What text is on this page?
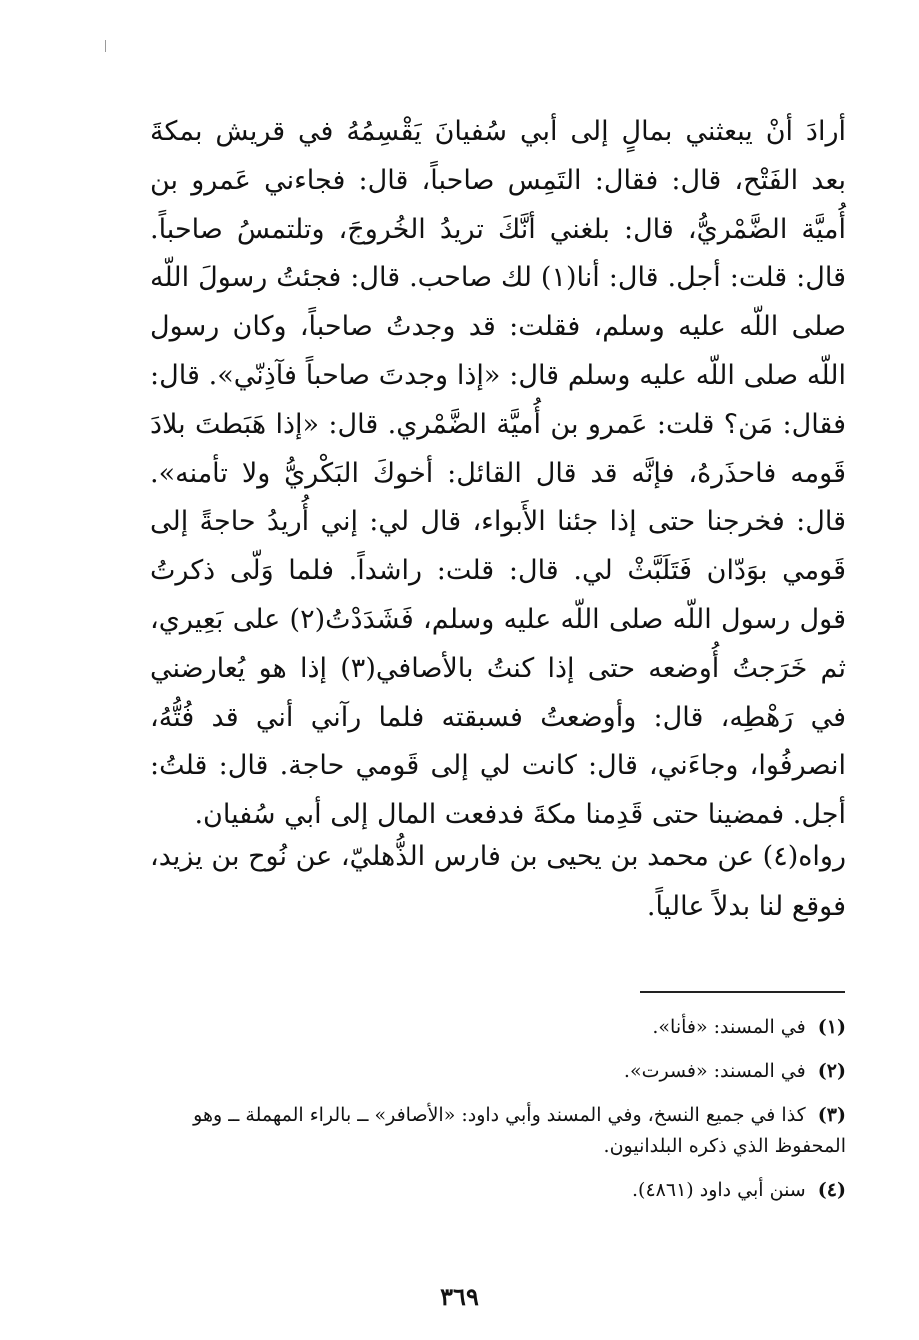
أرادَ أنْ يبعثني بمالٍ إلى أبي سُفيانَ يَقْسِمُهُ في قريش بمكةَ بعد الفَتْح، قال: فقال: التَمِس صاحباً، قال: فجاءني عَمرو بن أُميَّة الضَّمْريُّ، قال: بلغني أنَّكَ تريدُ الخُروجَ، وتلتمسُ صاحباً. قال: قلت: أجل. قال: أنا(١) لك صاحب. قال: فجئتُ رسولَ اللّه صلى اللّه عليه وسلم، فقلت: قد وجدتُ صاحباً، وكان رسول اللّه صلى اللّه عليه وسلم قال: «إذا وجدتَ صاحباً فآذِنّي». قال: فقال: مَن؟ قلت: عَمرو بن أُميَّة الضَّمْري. قال: «إذا هَبَطتَ بلادَ قَومه فاحذَرهُ، فإنَّه قد قال القائل: أخوكَ البَكْريُّ ولا تأمنه». قال: فخرجنا حتى إذا جئنا الأَبواء، قال لي: إني أُريدُ حاجةً إلى قَومي بوَدّان فَتَلَبَّثْ لي. قال: قلت: راشداً. فلما وَلّى ذكرتُ قول رسول اللّه صلى اللّه عليه وسلم، فَشَدَدْتُ(٢) على بَعِيري، ثم خَرَجتُ أُوضعه حتى إذا كنتُ بالأصافي(٣) إذا هو يُعارضني في رَهْطِه، قال: وأوضعتُ فسبقته فلما رآني أني قد فُتُّهُ، انصرفُوا، وجاءَني، قال: كانت لي إلى قَومي حاجة. قال: قلتُ: أجل. فمضينا حتى قَدِمنا مكةَ فدفعت المال إلى أبي سُفيان.

رواه(٤) عن محمد بن يحيى بن فارس الذُّهليّ، عن نُوح بن يزيد، فوقع لنا بدلاً عالياً.

(١) في المسند: «فأنا».
(٢) في المسند: «فسرت».
(٣) كذا في جميع النسخ، وفي المسند وأبي داود: «الأصافر» ــ بالراء المهملة ــ وهو المحفوظ الذي ذكره البلدانيون.
(٤) سنن أبي داود (٤٨٦١).

٣٦٩
